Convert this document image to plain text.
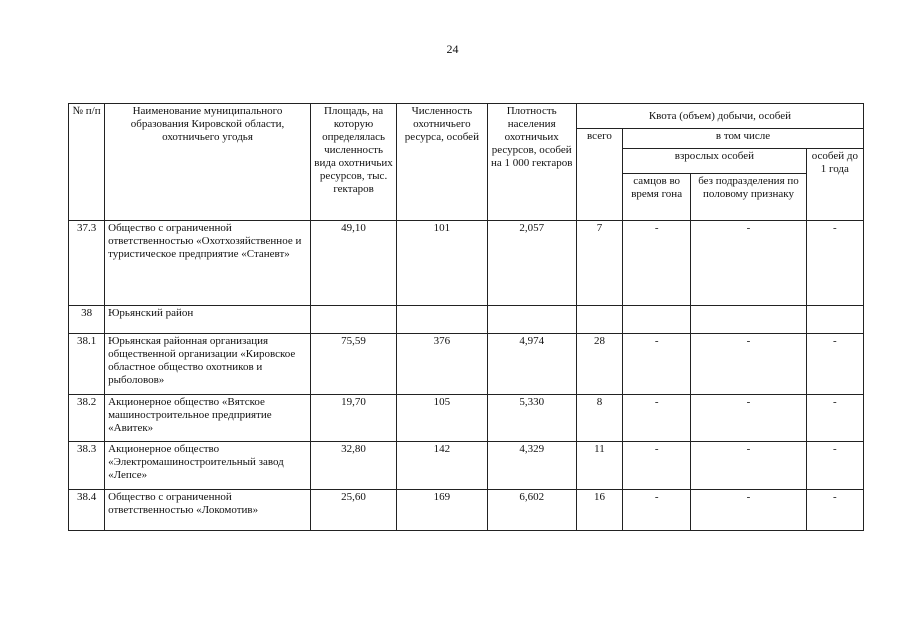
24
№ п/п	Наименование муниципального образования Кировской области, охотничьего угодья	Площадь, на которую определялась численность вида охотничьих ресурсов, тыс. гектаров	Численность охотничьего ресурса, особей	Плотность населения охотничьих ресурсов, особей на 1 000 гектаров	Квота (объем) добычи, особей			
					всего	в том числе		
						взрослых особей		особей до 1 года
						самцов во время гона	без подразделения по половому признаку	
37.3	Общество с ограниченной ответственностью «Охотхозяйственное и туристическое предприятие «Станевт»	49,10	101	2,057	7	-	-	-
38	Юрьянский район							
38.1	Юрьянская районная организация общественной организации «Кировское областное общество охотников и рыболовов»	75,59	376	4,974	28	-	-	-
38.2	Акционерное общество «Вятское машиностроительное предприятие «Авитек»	19,70	105	5,330	8	-	-	-
38.3	Акционерное общество «Электромашиностроительный завод «Лепсе»	32,80	142	4,329	11	-	-	-
38.4	Общество с ограниченной ответственностью «Локомотив»	25,60	169	6,602	16	-	-	-
